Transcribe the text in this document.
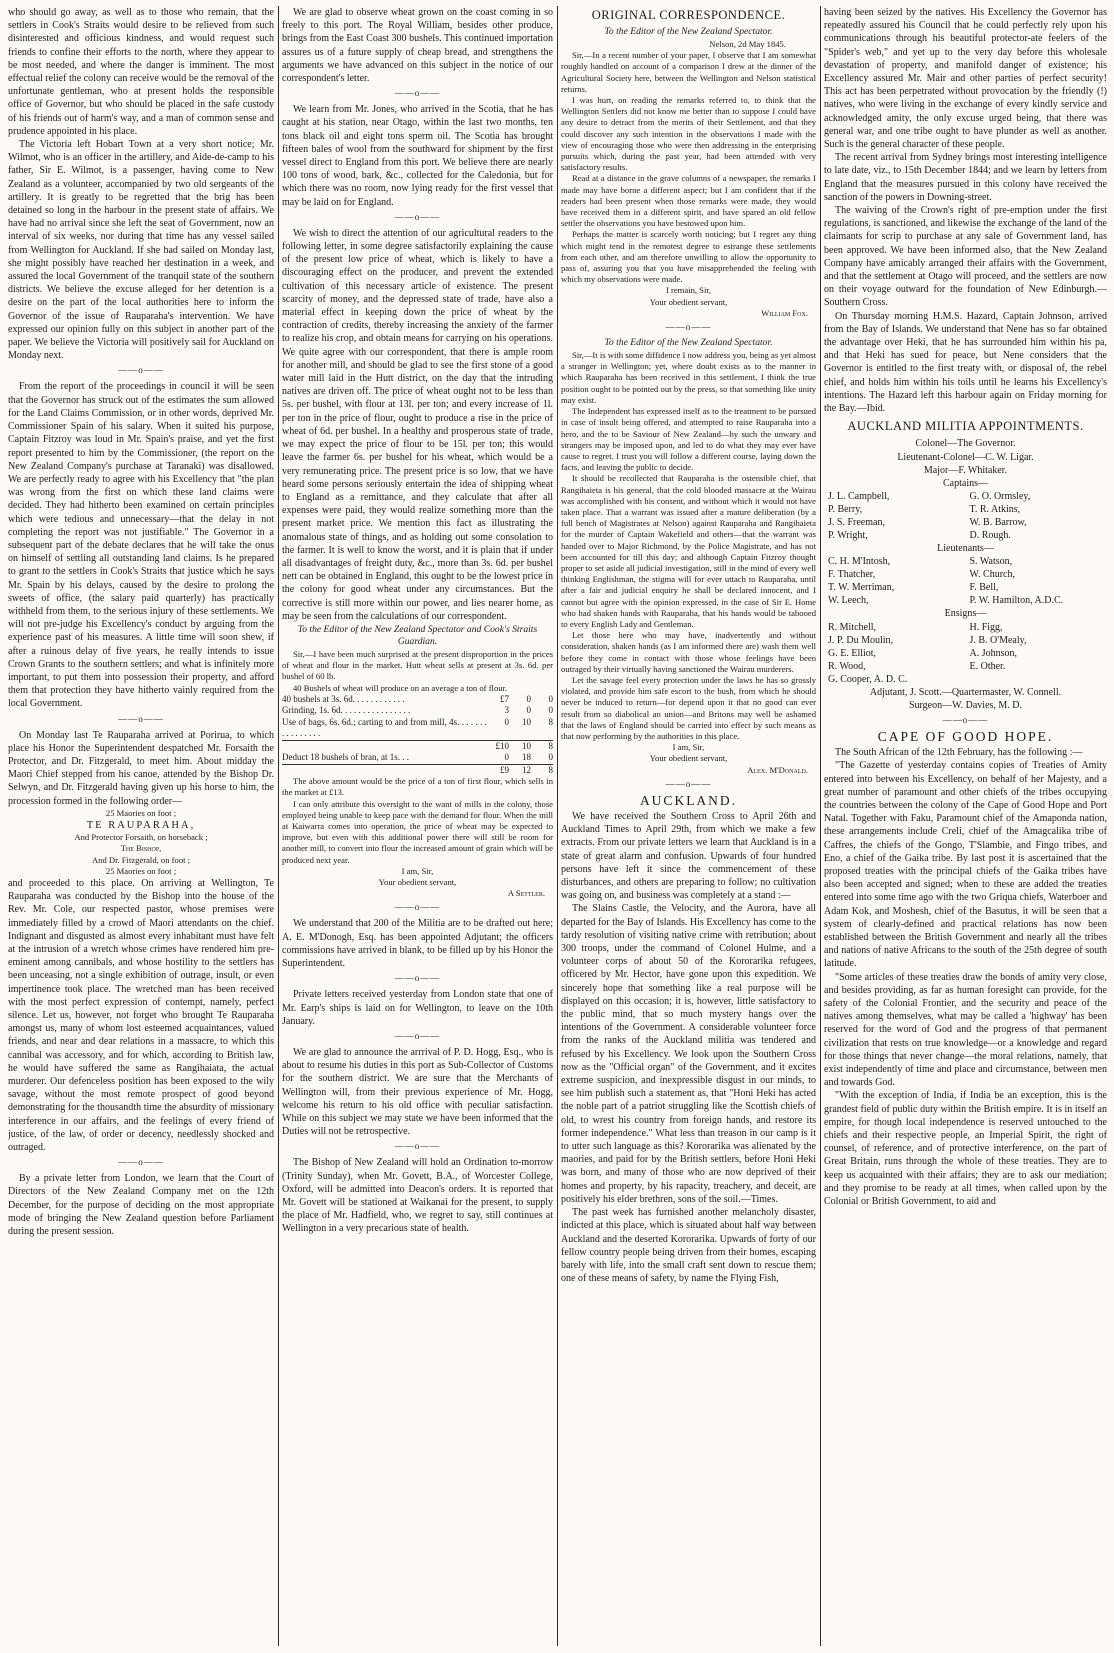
who should go away, as well as to those who remain, that the settlers in Cook's Straits would desire to be relieved from such disinterested and officious kindness, and would request such friends to confine their efforts to the north, where they appear to be most needed, and where the danger is imminent. The most effectual relief the colony can receive would be the removal of the unfortunate gentleman, who at present holds the responsible office of Governor, but who should be placed in the safe custody of his friends out of harm's way, and a man of common sense and prudence appointed in his place.

The Victoria left Hobart Town at a very short notice; Mr. Wilmot, who is an officer in the artillery, and Aide-de-camp to his father, Sir E. Wilmot, is a passenger, having come to New Zealand as a volunteer, accompanied by two old sergeants of the artillery. It is greatly to be regretted that the brig has been detained so long in the harbour in the present state of affairs. We have had no arrival since she left the seat of Government, now an interval of six weeks, nor during that time has any vessel sailed from Wellington for Auckland. If she had sailed on Monday last, she might possibly have reached her destination in a week, and assured the local Government of the tranquil state of the southern districts. We believe the excuse alleged for her detention is a desire on the part of the local authorities here to inform the Governor of the issue of Rauparaha's intervention. We have expressed our opinion fully on this subject in another part of the paper. We believe the Victoria will positively sail for Auckland on Monday next.

——o——

From the report of the proceedings in council it will be seen that the Governor has struck out of the estimates the sum allowed for the Land Claims Commission, or in other words, deprived Mr. Commissioner Spain of his salary. When it suited his purpose, Captain Fitzroy was loud in Mr. Spain's praise, and yet the first report presented to him by the Commissioner, (the report on the New Zealand Company's purchase at Taranaki) was disallowed. We are perfectly ready to agree with his Excellency that "the plan was wrong from the first on which these land claims were decided. They had hitherto been examined on certain principles which were tedious and unnecessary—that the delay in not completing the report was not justifiable." The Governor in a subsequent part of the debate declares that he will take the onus on himself of settling all outstanding land claims. Is he prepared to grant to the settlers in Cook's Straits that justice which he says Mr. Spain by his delays, caused by the desire to prolong the sweets of office, (the salary paid quarterly) has practically withheld from them, to the serious injury of these settlements. We will not pre-judge his Excellency's conduct by arguing from the experience past of his measures. A little time will soon shew, if after a ruinous delay of five years, he really intends to issue Crown Grants to the southern settlers; and what is infinitely more important, to put them into possession their property, and afford them that protection they have hitherto vainly required from the local Government.

——o——

On Monday last Te Rauparaha arrived at Porirua, to which place his Honor the Superintendent despatched Mr. Forsaith the Protector, and Dr. Fitzgerald, to meet him. About midday the Maori Chief stepped from his canoe, attended by the Bishop Dr. Selwyn, and Dr. Fitzgerald having given up his horse to him, the procession formed in the following order—

25 Maories on foot ;
TE RAUPARAHA,
And Protector Forsaith, on horseback ;
The Bishop,
And Dr. Fitzgerald, on foot ;
25 Maories on foot ;

and proceeded to this place. On arriving at Wellington, Te Rauparaha was conducted by the Bishop into the house of the Rev. Mr. Cole, our respected pastor, whose premises were immediately filled by a crowd of Maori attendants on the chief. Indignant and disgusted as almost every inhabitant must have felt at the intrusion of a wretch whose crimes have rendered him pre-eminent among cannibals, and whose hostility to the settlers has been unceasing, not a single exhibition of outrage, insult, or even impertinence took place. The wretched man has been received with the most perfect expression of contempt, namely, perfect silence. Let us, however, not forget who brought Te Rauparaha amongst us, many of whom lost esteemed acquaintances, valued friends, and near and dear relations in a massacre, to which this cannibal was accessory, and for which, according to British law, he would have suffered the same as Rangihaiata, the actual murderer. Our defenceless position has been exposed to the wily savage, without the most remote prospect of good beyond demonstrating for the thousandth time the absurdity of missionary interference in our affairs, and the feelings of every friend of justice, of the law, of order or decency, needlessly shocked and outraged.

——o——

By a private letter from London, we learn that the Court of Directors of the New Zealand Company met on the 12th December, for the purpose of deciding on the most appropriate mode of bringing the New Zealand question before Parliament during the present session.

We are glad to observe wheat grown on the coast coming in so freely to this port. The Royal William, besides other produce, brings from the East Coast 300 bushels. This continued importation assures us of a future supply of cheap bread, and strengthens the arguments we have advanced on this subject in the notice of our correspondent's letter.

——o——

We learn from Mr. Jones, who arrived in the Scotia, that he has caught at his station, near Otago, within the last two months, ten tons black oil and eight tons sperm oil. The Scotia has brought fifteen bales of wool from the southward for shipment by the first vessel direct to England from this port. We believe there are nearly 100 tons of wood, bark, &c., collected for the Caledonia, but for which there was no room, now lying ready for the first vessel that may be laid on for England.

——o——

We wish to direct the attention of our agricultural readers to the following letter, in some degree satisfactorily explaining the cause of the present low price of wheat, which is likely to have a discouraging effect on the producer, and prevent the extended cultivation of this necessary article of existence. The present scarcity of money, and the depressed state of trade, have also a material effect in keeping down the price of wheat by the contraction of credits, thereby increasing the anxiety of the farmer to realize his crop, and obtain means for carrying on his operations. We quite agree with our correspondent, that there is ample room for another mill, and should be glad to see the first stone of a good water mill laid in the Hutt district, on the day that the intruding natives are driven off. The price of wheat ought not to be less than 5s. per bushel, with flour at 13l. per ton; and every increase of 1l. per ton in the price of flour, ought to produce a rise in the price of wheat of 6d. per bushel. In a healthy and prosperous state of trade, we may expect the price of flour to be 15l. per ton; this would leave the farmer 6s. per bushel for his wheat, which would be a very remunerating price. The present price is so low, that we have heard some persons seriously entertain the idea of shipping wheat to England as a remittance, and they calculate that after all expenses were paid, they would realize something more than the present market price. We mention this fact as illustrating the anomalous state of things, and as holding out some consolation to the farmer. It is well to know the worst, and it is plain that if under all disadvantages of freight duty, &c., more than 3s. 6d. per bushel nett can be obtained in England, this ought to be the lowest price in the colony for good wheat under any circumstances. But the corrective is still more within our power, and lies nearer home, as may be seen from the calculations of our correspondent.

To the Editor of the New Zealand Spectator and Cook's Straits Guardian.

Sir,—I have been much surprised at the present disproportion in the prices of wheat and flour in the market. Hutt wheat sells at present at 3s. 6d. per bushel of 60 lb.

40 Bushels of wheat will produce on an average a ton of flour.

40 bushels at 3s. 6d. . . . . . . . . . . .	£7	0	0
Grinding, 1s. 6d. . . . . . . . . . . . . . . .	3	0	0
Use of bags, 6s. 6d.; carting to and from mill, 4s. . . . . . . . . . . . . . . .	0	10	8
	£10	10	8
Deduct 18 bushels of bran, at 1s. . .	0	18	0
	£9	12	8

The above amount would be the price of a ton of first flour, which sells in the market at £13.

I can only attribute this oversight to the want of mills in the colony, those employed being unable to keep pace with the demand for flour. When the mill at Kaiwarra comes into operation, the price of wheat may be expected to improve, but even with this additional power there will still be room for another mill, to convert into flour the increased amount of grain which will be produced next year.

I am, Sir,
Your obedient servant,
A Settler.
——o——

We understand that 200 of the Militia are to be drafted out here; A. E. M'Donogh, Esq. has been appointed Adjutant; the officers commissions have arrived in blank, to be filled up by his Honor the Superintendent.

——o——

Private letters received yesterday from London state that one of Mr. Earp's ships is laid on for Wellington, to leave on the 10th January.

——o——

We are glad to announce the arrrival of P. D. Hogg, Esq., who is about to resume his duties in this port as Sub-Collector of Customs for the southern district. We are sure that the Merchants of Wellington will, from their previous experience of Mr. Hogg, welcome his return to his old office with peculiar satisfaction. While on this subject we may state we have been informed that the Duties will not be retrospective.

——o——

The Bishop of New Zealand will hold an Ordination to-morrow (Trinity Sunday), when Mr. Govett, B.A., of Worcester College, Oxford, will be admitted into Deacon's orders. It is reported that Mr. Govett will be stationed at Waikanai for the present, to supply the place of Mr. Hadfield, who, we regret to say, still continues at Wellington in a very precarious state of health.

ORIGINAL CORRESPONDENCE.
To the Editor of the New Zealand Spectator.
Nelson, 2d May 1845.

Sir,—In a recent number of your paper, I observe that I am somewhat roughly handled on account of a comparison I drew at the dinner of the Agricultural Society here, between the Wellington and Nelson statistical returns.

I was hurt, on reading the remarks referred to, to think that the Wellington Settlers did not know me better than to suppose I could have any desire to detract from the merits of their Settlement, and that they could discover any such intention in the observations I made with the view of encouraging those who were then addressing in the enterprising pursuits which, during the past year, had been attended with very satisfactory results.

Read at a distance in the grave columns of a newspaper, the remarks I made may have borne a different aspect; but I am confident that if the readers had been present when those remarks were made, they would have received them in a different spirit, and have spared an old fellow settler the observations you have bestowed upon him.

Perhaps the matter is scarcely worth noticing; but I regret any thing which might tend in the remotest degree to estrange these settlements from each other, and am therefore unwilling to allow the opportunity to pass of, assuring you that you have misapprehended the feeling with which my observations were made.

I remain, Sir,
Your obedient servant,
William Fox.
——o——
To the Editor of the New Zealand Spectator.

Sir,—It is with some diffidence I now address you, being as yet almost a stranger in Wellington; yet, where doubt exists as to the manner in which Rauparaha has been received in this settlement, I think the true position ought to be pointed out by the press, so that something like unity may exist.

The Independent has expressed itself as to the treatment to be pursued in case of insult being offered, and attempted to raise Rauparaha into a hero, and the to be Saviour of New Zealand—by such the unwary and strangers may be imposed upon, and led to do what they may ever have cause to regret. I trust you will follow a different course, laying down the facts, and leaving the public to decide.

It should be recollected that Rauparaha is the ostensible chief, that Rangihaieta is his general, that the cold blooded massacre at the Wairau was accomplished with his consent, and without which it would not have taken place. That a warrant was issued after a mature deliberation (by a full bench of Magistrates at Nelson) against Rauparaha and Rangihaieta for the murder of Captain Wakefield and others—that the warrant was handed over to Major Richmond, by the Police Magistrate, and has not been accounted for till this day; and although Captain Fitzroy thought proper to set aside all judicial investigation, still in the mind of every well thinking Englishman, the stigma will for ever uttach to Rauparaha, until after a fair and judicial enquiry he shall be declared innocent, and I cannot but agree with the opinion expressed, in the case of Sir E. Home who had shaken hands with Rauparaha, that his hands would be tabooed to every English Lady and Gentleman.

Let those here who may have, inadvertently and without consideration, shaken hands (as I am informed there are) wash them well before they come in contact with those whose feelings have been outraged by their virtually having sanctioned the Wairau murderers.

Let the savage feel every protection under the laws he has so grossly violated, and provide him safe escort to the bush, from which he should never be induced to return—for depend upon it that no good can ever result from so diabolical an union—and Britons may well be ashamed that the laws of England should be carried into effect by such means as that now performing by the authorities in this place.

I am, Sir,
Your obedient servant,
Alex. M'Donald.
——o——
AUCKLAND.

We have received the Southern Cross to April 26th and Auckland Times to April 29th, from which we make a few extracts. From our private letters we learn that Auckland is in a state of great alarm and confusion. Upwards of four hundred persons have left it since the commencement of these disturbances, and others are preparing to follow; no cultivation was going on, and business was completely at a stand :—

The Slains Castle, the Velocity, and the Aurora, have all departed for the Bay of Islands. His Excellency has come to the tardy resolution of visiting native crime with retribution; about 300 troops, under the command of Colonel Hulme, and a volunteer corps of about 50 of the Kororarika refugees, officered by Mr. Hector, have gone upon this expedition. We sincerely hope that something like a real purpose will be displayed on this occasion; it is, however, little satisfactory to the public mind, that so much mystery hangs over the intentions of the Government. A considerable volunteer force from the ranks of the Auckland militia was tendered and refused by his Excellency. We look upon the Southern Cross now as the "Official organ" of the Government, and it excites extreme suspicion, and inexpressible disgust in our minds, to see him publish such a statement as, that "Honi Heki has acted the noble part of a patriot struggling like the Scottish chiefs of old, to wrest his country from foreign hands, and restore its former independence." What less than treason in our camp is it to utter such language as this? Kororarika was alienated by the maories, and paid for by the British settlers, before Honi Heki was born, and many of those who are now deprived of their homes and property, by his rapacity, treachery, and deceit, are positively his elder brethren, sons of the soil.—Times.

The past week has furnished another melancholy disaster, indicted at this place, which is situated about half way between Auckland and the deserted Kororarika. Upwards of forty of our fellow country people being driven from their homes, escaping barely with life, into the small craft sent down to rescue them; one of these means of safety, by name the Flying Fish,

having been seized by the natives. His Excellency the Governor has repeatedly assured his Council that he could perfectly rely upon his communications through his beautiful protector-ate feelers of the "Spider's web," and yet up to the very day before this wholesale devastation of property, and manifold danger of existence; his Excellency assured Mr. Mair and other parties of perfect security! This act has been perpetrated without provocation by the friendly (!) natives, who were living in the exchange of every kindly service and acknowledged amity, the only excuse urged being, that there was general war, and one tribe ought to have plunder as well as another. Such is the general character of these people.

The recent arrival from Sydney brings most interesting intelligence to late date, viz., to 15th December 1844; and we learn by letters from England that the measures pursued in this colony have received the sanction of the powers in Downing-street.

The waiving of the Crown's right of pre-emption under the first regulations, is sanctioned, and likewise the exchange of the land of the claimants for scrip to purchase at any sale of Government land, has been approved. We have been informed also, that the New Zealand Company have amicably arranged their affairs with the Government, and that the settlement at Otago will proceed, and the settlers are now on their voyage outward for the foundation of New Edinburgh.—Southern Cross.

On Thursday morning H.M.S. Hazard, Captain Johnson, arrived from the Bay of Islands. We understand that Nene has so far obtained the advantage over Heki, that he has surrounded him within his pa, and that Heki has sued for peace, but Nene considers that the Governor is entitled to the first treaty with, or disposal of, the rebel chief, and holds him within his toils until he learns his Excellency's intentions. The Hazard left this harbour again on Friday morning for the Bay.—Ibid.

AUCKLAND MILITIA APPOINTMENTS.
Colonel—The Governor.
Lieutenant-Colonel—C. W. Ligar.
Major—F. Whitaker.
Captains—
J. L. Campbell,	G. O. Ormsley,
P. Berry,	T. R. Atkins,
J. S. Freeman,	W. B. Barrow,
P. Wright,	D. Rough.
Lieutenants—
C. H. M'Intosh,	S. Watson,
F. Thatcher,	W. Church,
T. W. Merriman,	F. Bell,
W. Leech,	P. W. Hamilton, A.D.C.
Ensigns—
R. Mitchell,	H. Figg,
J. P. Du Moulin,	J. B. O'Mealy,
G. E. Elliot,	A. Johnson,
R. Wood,	E. Other.
G. Cooper, A. D. C.	
Adjutant, J. Scott.—Quartermaster, W. Connell.
Surgeon—W. Davies, M. D.
——o——
CAPE OF GOOD HOPE.

The South African of the 12th February, has the following :—

"The Gazette of yesterday contains copies of Treaties of Amity entered into between his Excellency, on behalf of her Majesty, and a great number of paramount and other chiefs of the tribes occupying the countries between the colony of the Cape of Good Hope and Port Natal. Together with Faku, Paramount chief of the Amaponda nation, these arrangements include Creli, chief of the Amagcalika tribe of Caffres, the chiefs of the Gongo, T'Slambie, and Fingo tribes, and Eno, a chief of the Gaika tribe. By last post it is ascertained that the proposed treaties with the principal chiefs of the Gaika tribes have also been accepted and signed; when to these are added the treaties entered into some time ago with the two Griqua chiefs, Waterboer and Adam Kok, and Moshesh, chief of the Basutus, it will be seen that a system of clearly-defined and practical relations has now been established between the British Government and nearly all the tribes and nations of native Africans to the south of the 25th degree of south latitude.

"Some articles of these treaties draw the bonds of amity very close, and besides providing, as far as human foresight can provide, for the safety of the Colonial Frontier, and the security and peace of the natives among themselves, what may be called a 'highway' has been reserved for the word of God and the progress of that permanent civilization that rests on true knowledge—or a knowledge and regard for those things that never change—the moral relations, namely, that exist independently of time and place and circumstance, between men and towards God.

"With the exception of India, if India be an exception, this is the grandest field of public duty within the British empire. It is in itself an empire, for though local independence is reserved untouched to the chiefs and their respective people, an Imperial Spirit, the right of counsel, of reference, and of protective interference, on the part of Great Britain, runs through the whole of these treaties. They are to keep us acquainted with their affairs; they are to ask our mediation; and they promise to be ready at all times, when called upon by the Colonial or British Government, to aid and
